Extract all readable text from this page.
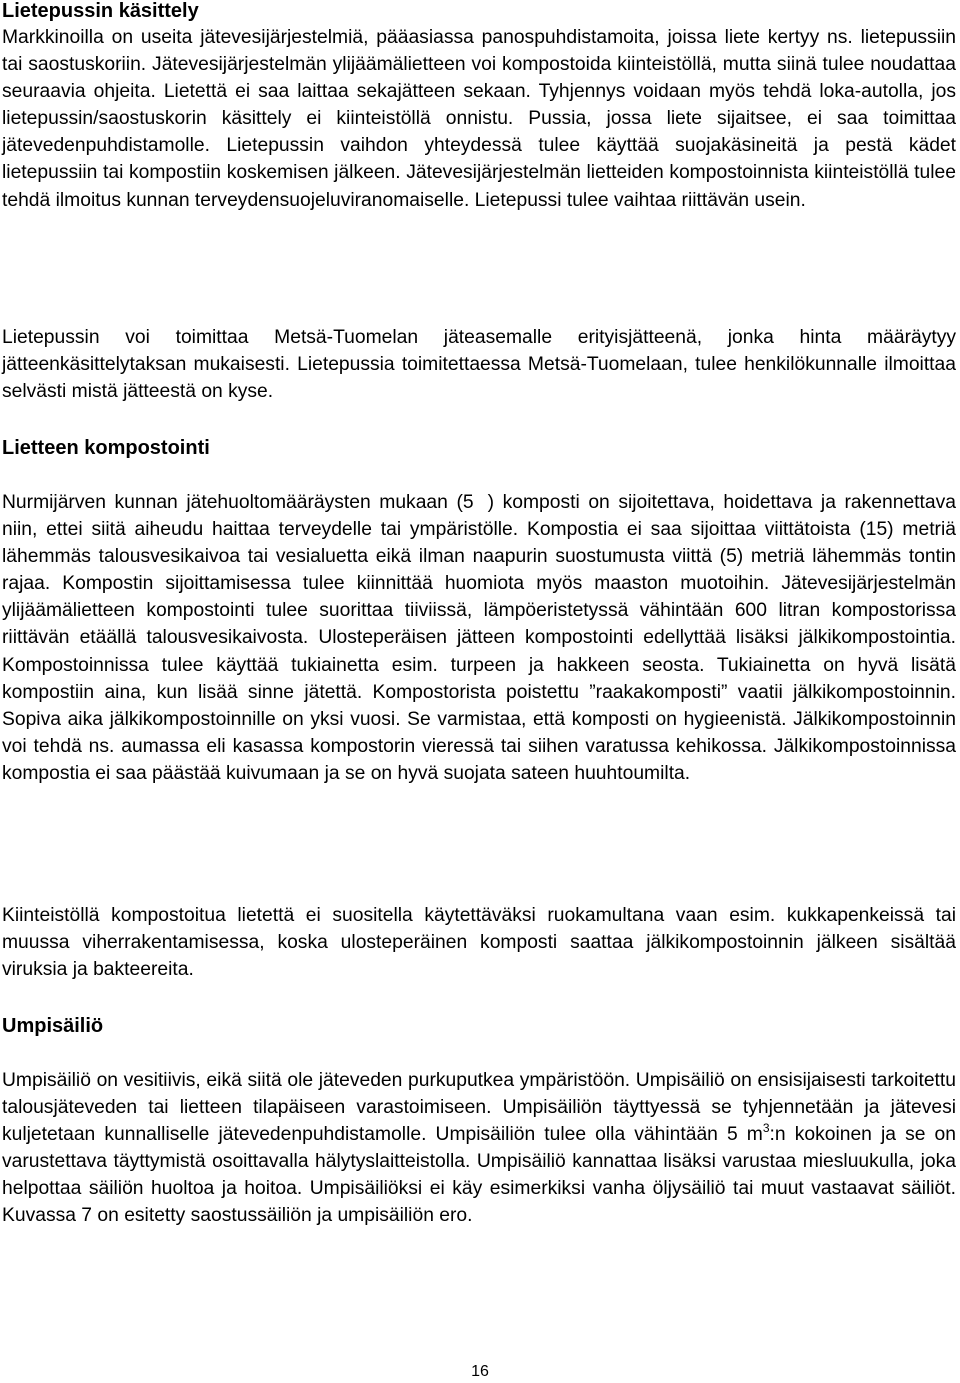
Lietepussin käsittely

Markkinoilla on useita jätevesijärjestelmiä, pääasiassa panospuhdistamoita, joissa liete kertyy ns. lietepussiin tai saostuskoriin. Jätevesijärjestelmän ylijäämälietteen voi kompostoida kiinteistöllä, mutta siinä tulee noudattaa seuraavia ohjeita. Lietettä ei saa laittaa sekajätteen sekaan. Tyhjennys voidaan myös tehdä loka-autolla, jos lietepussin/saostuskorin käsittely ei kiinteistöllä onnistu. Pussia, jossa liete sijaitsee, ei saa toimittaa jätevedenpuhdistamolle. Lietepussin vaihdon yhteydessä tulee käyttää suojakäsineitä ja pestä kädet lietepussiin tai kompostiin koskemisen jälkeen. Jätevesijärjestelmän lietteiden kompostoinnista kiinteistöllä tulee tehdä ilmoitus kunnan terveydensuojeluviranomaiselle. Lietepussi tulee vaihtaa riittävän usein.

Lietepussin voi toimittaa Metsä-Tuomelan jäteasemalle erityisjätteenä, jonka hinta määräytyy jätteenkäsittelytaksan mukaisesti. Lietepussia toimitettaessa Metsä-Tuomelaan, tulee henkilökunnalle ilmoittaa selvästi mistä jätteestä on kyse.

Lietteen kompostointi

Nurmijärven kunnan jätehuoltomääräysten mukaan (5 ) komposti on sijoitettava, hoidettava ja rakennettava niin, ettei siitä aiheudu haittaa terveydelle tai ympäristölle. Kompostia ei saa sijoittaa viittätoista (15) metriä lähemmäs talousvesikaivoa tai vesialuetta eikä ilman naapurin suostumusta viittä (5) metriä lähemmäs tontin rajaa. Kompostin sijoittamisessa tulee kiinnittää huomiota myös maaston muotoihin. Jätevesijärjestelmän ylijäämälietteen kompostointi tulee suorittaa tiiviissä, lämpöeristetyssä vähintään 600 litran kompostorissa riittävän etäällä talousvesikaivosta. Ulosteperäisen jätteen kompostointi edellyttää lisäksi jälkikompostointia. Kompostoinnissa tulee käyttää tukiainetta esim. turpeen ja hakkeen seosta. Tukiainetta on hyvä lisätä kompostiin aina, kun lisää sinne jätettä. Kompostorista poistettu ”raakakomposti” vaatii jälkikompostoinnin. Sopiva aika jälkikompostoinnille on yksi vuosi. Se varmistaa, että komposti on hygieenistä. Jälkikompostoinnin voi tehdä ns. aumassa eli kasassa kompostorin vieressä tai siihen varatussa kehikossa. Jälkikompostoinnissa kompostia ei saa päästää kuivumaan ja se on hyvä suojata sateen huuhtoumilta.

Kiinteistöllä kompostoitua lietettä ei suositella käytettäväksi ruokamultana vaan esim. kukkapenkeissä tai muussa viherrakentamisessa, koska ulosteperäinen komposti saattaa jälkikompostoinnin jälkeen sisältää viruksia ja bakteereita.

Umpisäiliö

Umpisäiliö on vesitiivis, eikä siitä ole jäteveden purkuputkea ympäristöön. Umpisäiliö on ensisijaisesti tarkoitettu talousjäteveden tai lietteen tilapäiseen varastoimiseen. Umpisäiliön täyttyessä se tyhjennetään ja jätevesi kuljetetaan kunnalliselle jätevedenpuhdistamolle. Umpisäiliön tulee olla vähintään 5 $m^3:n$ kokoinen ja se on varustettava täyttymistä osoittavalla hälytyslaitteistolla. Umpisäiliö kannattaa lisäksi varustaa miesluukulla, joka helpottaa säiliön huoltoa ja hoitoa. Umpisäiliöksi ei käy esimerkiksi vanha öljysäiliö tai muut vastaavat säiliöt. Kuvassa 7 on esitetty saostussäiliön ja umpisäiliön ero.

16
